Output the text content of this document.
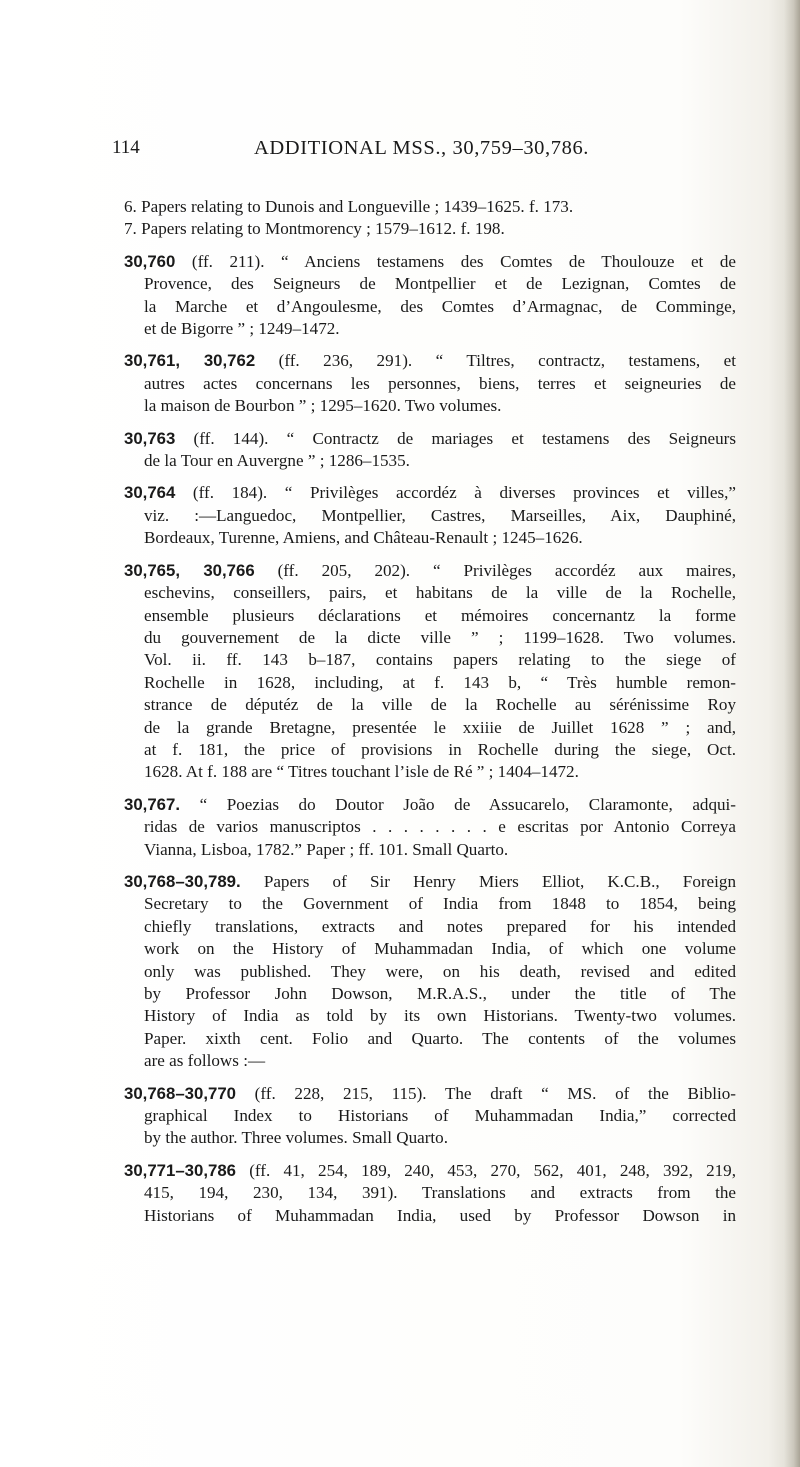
114	ADDITIONAL MSS., 30,759–30,786.
6. Papers relating to Dunois and Longueville ; 1439–1625. f. 173.
7. Papers relating to Montmorency ; 1579–1612. f. 198.
30,760 (ff. 211). “ Anciens testamens des Comtes de Thoulouze et de
Provence, des Seigneurs de Montpellier et de Lezignan, Comtes de
la Marche et d’Angoulesme, des Comtes d’Armagnac, de Comminge,
et de Bigorre ” ; 1249–1472.
30,761, 30,762 (ff. 236, 291). “ Tiltres, contractz, testamens, et
autres actes concernans les personnes, biens, terres et seigneuries de
la maison de Bourbon ” ; 1295–1620. Two volumes.
30,763 (ff. 144). “ Contractz de mariages et testamens des Seigneurs
de la Tour en Auvergne ” ; 1286–1535.
30,764 (ff. 184). “ Privilèges accordéz à diverses provinces et villes,”
viz. :—Languedoc, Montpellier, Castres, Marseilles, Aix, Dauphiné,
Bordeaux, Turenne, Amiens, and Château-Renault ; 1245–1626.
30,765, 30,766 (ff. 205, 202). “ Privilèges accordéz aux maires,
eschevins, conseillers, pairs, et habitans de la ville de la Rochelle,
ensemble plusieurs déclarations et mémoires concernantz la forme
du gouvernement de la dicte ville ” ; 1199–1628. Two volumes.
Vol. ii. ff. 143 b–187, contains papers relating to the siege of
Rochelle in 1628, including, at f. 143 b, “ Très humble remon-
strance de députéz de la ville de la Rochelle au sérénissime Roy
de la grande Bretagne, presentée le xxiiie de Juillet 1628 ” ; and,
at f. 181, the price of provisions in Rochelle during the siege, Oct.
1628. At f. 188 are “ Titres touchant l’isle de Ré ” ; 1404–1472.
30,767. “ Poezias do Doutor João de Assucarelo, Claramonte, adqui-
ridas de varios manuscriptos . . . . . . . . e escritas por Antonio Correya
Vianna, Lisboa, 1782.” Paper ; ff. 101. Small Quarto.
30,768–30,789. Papers of Sir Henry Miers Elliot, K.C.B., Foreign
Secretary to the Government of India from 1848 to 1854, being
chiefly translations, extracts and notes prepared for his intended
work on the History of Muhammadan India, of which one volume
only was published. They were, on his death, revised and edited
by Professor John Dowson, M.R.A.S., under the title of The
History of India as told by its own Historians. Twenty-two volumes.
Paper. xixth cent. Folio and Quarto. The contents of the volumes
are as follows :—
30,768–30,770 (ff. 228, 215, 115). The draft “ MS. of the Biblio-
graphical Index to Historians of Muhammadan India,” corrected
by the author. Three volumes. Small Quarto.
30,771–30,786 (ff. 41, 254, 189, 240, 453, 270, 562, 401, 248, 392, 219,
415, 194, 230, 134, 391). Translations and extracts from the
Historians of Muhammadan India, used by Professor Dowson in
